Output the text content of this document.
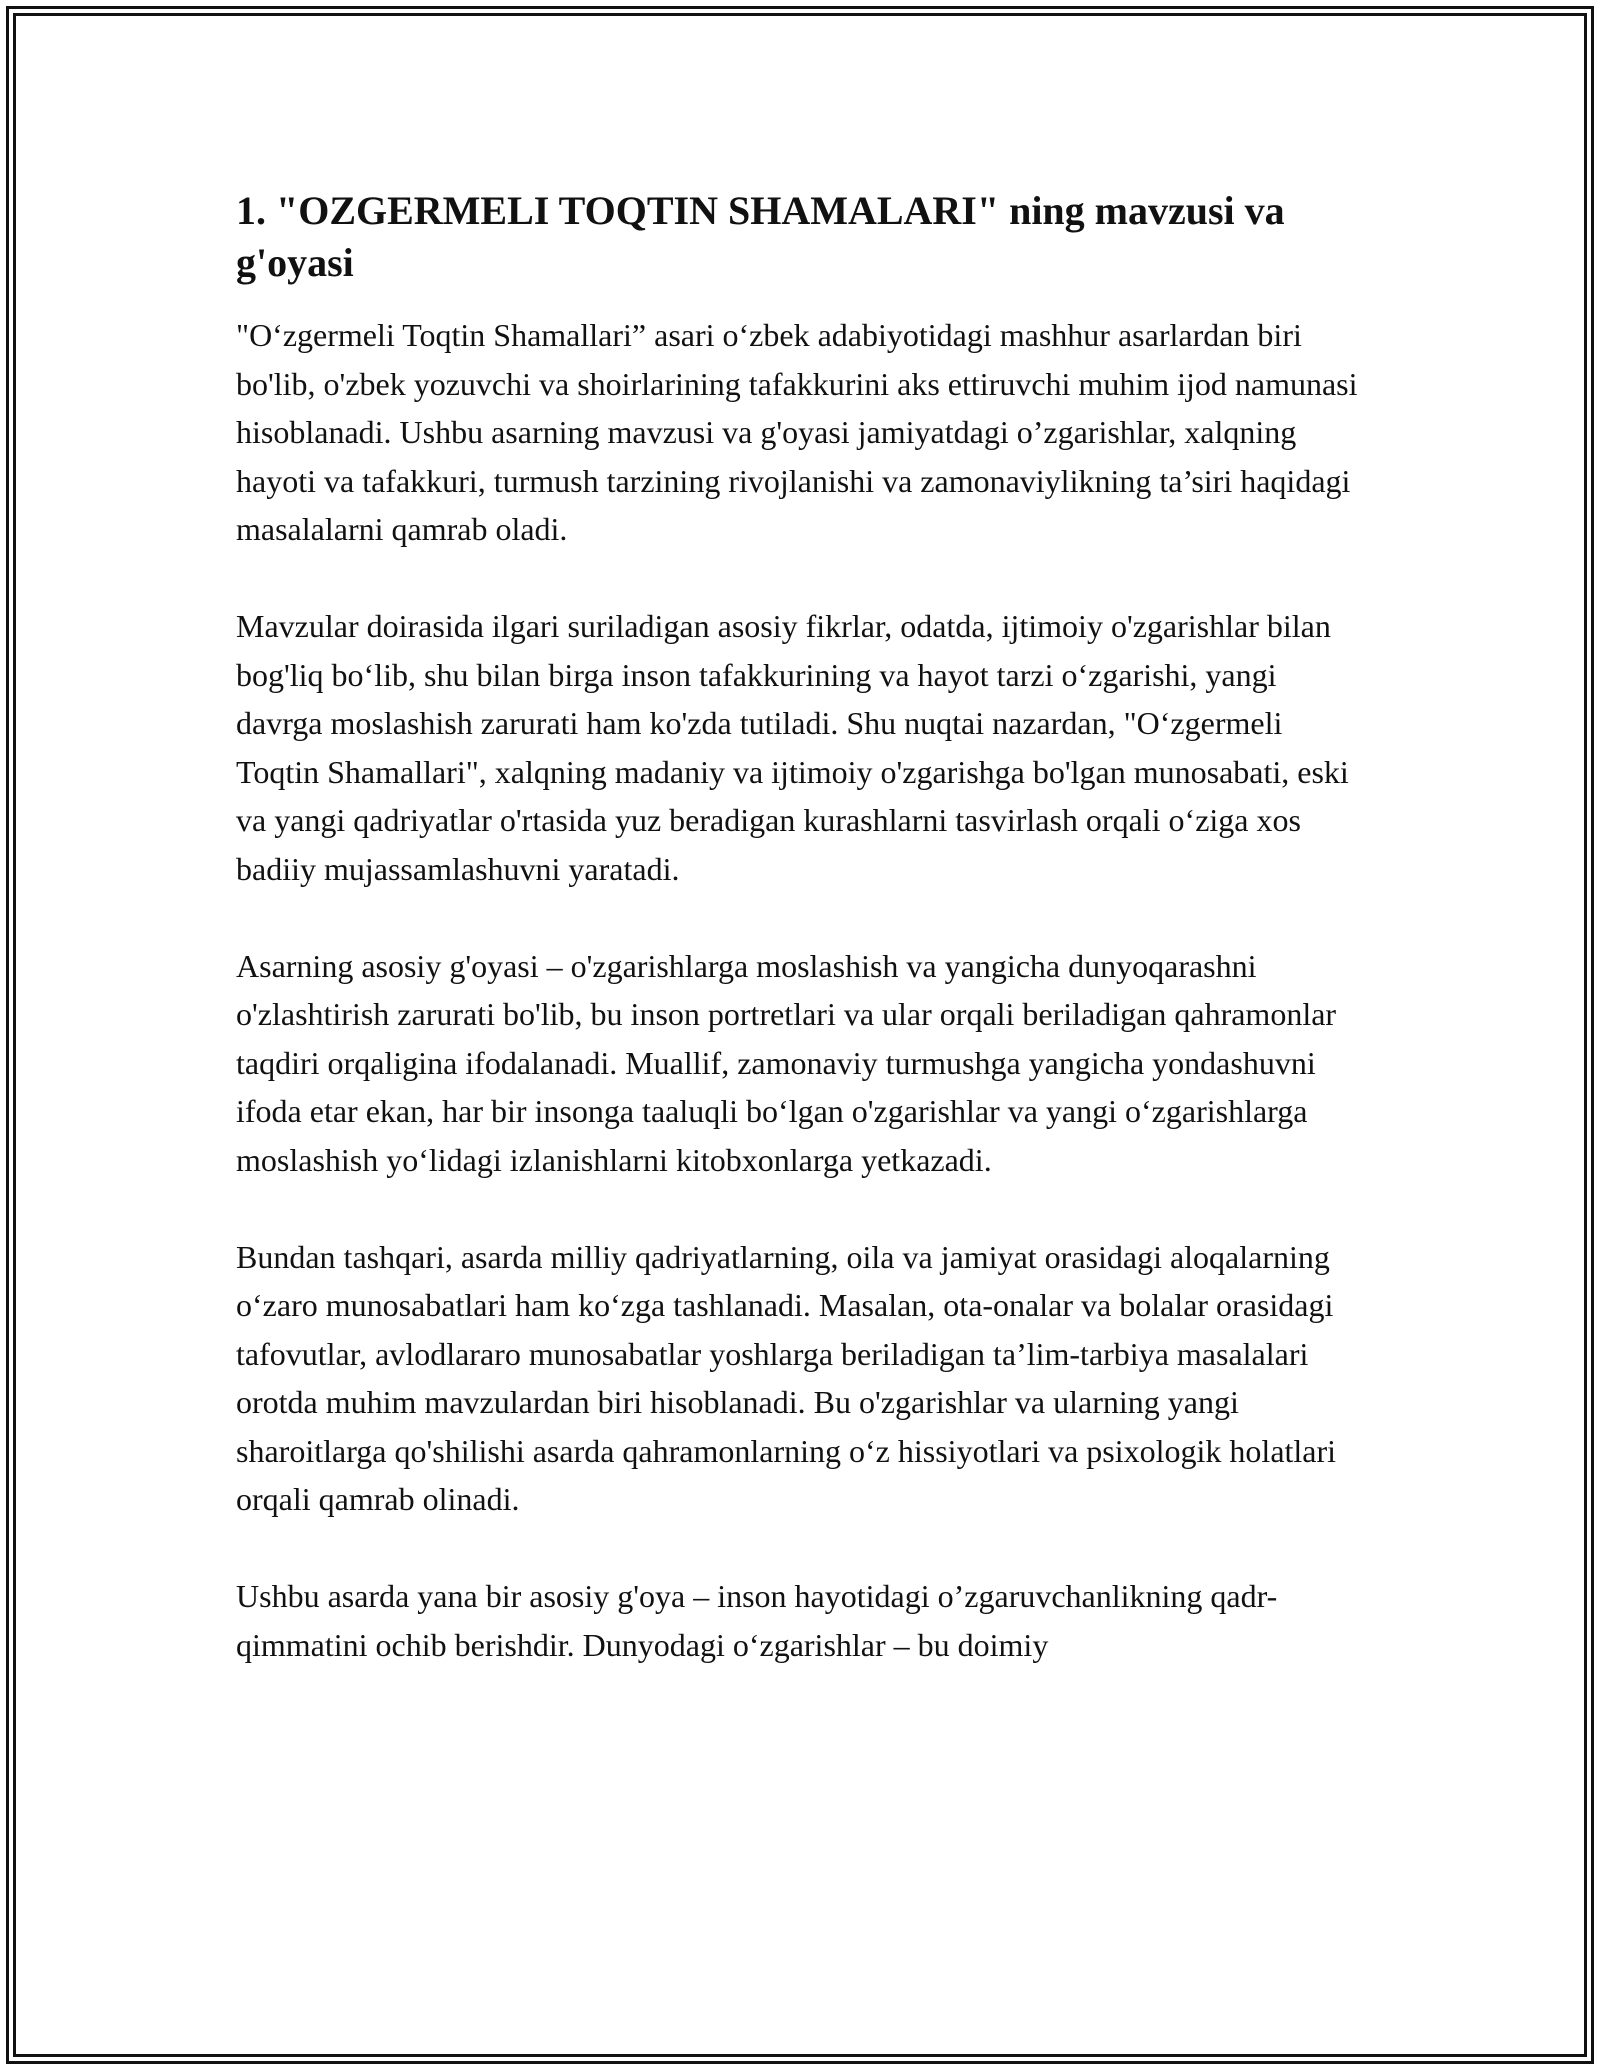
1. "OZGERMELI TOQTIN SHAMALARI" ning mavzusi va g'oyasi

"O‘zgermeli Toqtin Shamallari” asari o‘zbek adabiyotidagi mashhur asarlardan biri bo'lib, o'zbek yozuvchi va shoirlarining tafakkurini aks ettiruvchi muhim ijod namunasi hisoblanadi. Ushbu asarning mavzusi va g'oyasi jamiyatdagi o’zgarishlar, xalqning hayoti va tafakkuri, turmush tarzining rivojlanishi va zamonaviylikning ta’siri haqidagi masalalarni qamrab oladi.

Mavzular doirasida ilgari suriladigan asosiy fikrlar, odatda, ijtimoiy o'zgarishlar bilan bog'liq bo‘lib, shu bilan birga inson tafakkurining va hayot tarzi o‘zgarishi, yangi davrga moslashish zarurati ham ko'zda tutiladi. Shu nuqtai nazardan, "O‘zgermeli Toqtin Shamallari", xalqning madaniy va ijtimoiy o'zgarishga bo'lgan munosabati, eski va yangi qadriyatlar o'rtasida yuz beradigan kurashlarni tasvirlash orqali o‘ziga xos badiiy mujassamlashuvni yaratadi.

Asarning asosiy g'oyasi – o'zgarishlarga moslashish va yangicha dunyoqarashni o'zlashtirish zarurati bo'lib, bu inson portretlari va ular orqali beriladigan qahramonlar taqdiri orqaligina ifodalanadi. Muallif, zamonaviy turmushga yangicha yondashuvni ifoda etar ekan, har bir insonga taaluqli bo‘lgan o'zgarishlar va yangi o‘zgarishlarga moslashish yo‘lidagi izlanishlarni kitobxonlarga yetkazadi.

Bundan tashqari, asarda milliy qadriyatlarning, oila va jamiyat orasidagi aloqalarning o‘zaro munosabatlari ham ko‘zga tashlanadi. Masalan, ota-onalar va bolalar orasidagi tafovutlar, avlodlararo munosabatlar yoshlarga beriladigan ta’lim-tarbiya masalalari orotda muhim mavzulardan biri hisoblanadi. Bu o'zgarishlar va ularning yangi sharoitlarga qo'shilishi asarda qahramonlarning o‘z hissiyotlari va psixologik holatlari orqali qamrab olinadi.

Ushbu asarda yana bir asosiy g'oya – inson hayotidagi o’zgaruvchanlikning qadr-qimmatini ochib berishdir. Dunyodagi o‘zgarishlar – bu doimiy
